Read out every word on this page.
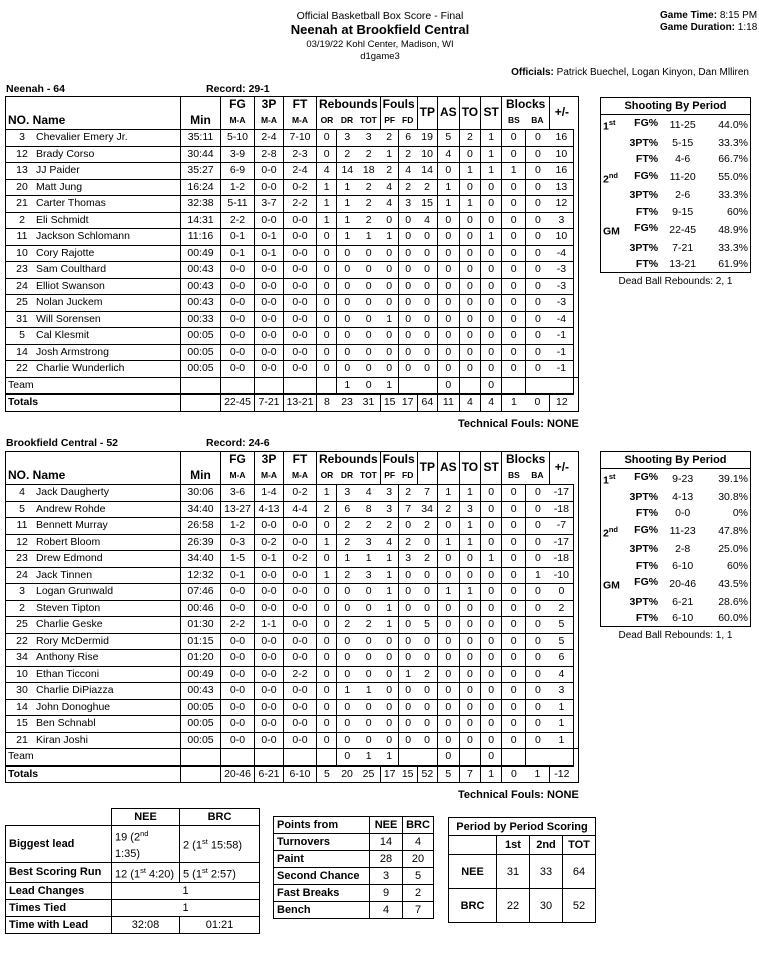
Official Basketball Box Score - Final
Neenah at Brookfield Central
03/19/22 Kohl Center, Madison, WI
d1game3
Game Time: 8:15 PM
Game Duration: 1:18
Officials: Patrick Buechel, Logan Kinyon, Dan Mlliren
Neenah - 64	Record: 29-1
		FG	3P	FT	Rebounds			Fouls		TP	AS	TO	ST	Blocks		+/-	
NO. Name	Min	M-A	M-A	M-A	OR	DR	TOT	PF	FD					BS	BA		
3 Chevalier Emery Jr.	35:11	5-10	2-4	7-10	0	3	3	2	6	19	5	2	1	0	0	16	
12 Brady Corso	30:44	3-9	2-8	2-3	0	2	2	1	2	10	4	0	1	0	0	10	
13 JJ Paider	35:27	6-9	0-0	2-4	4	14	18	2	4	14	0	1	1	1	0	16	
20 Matt Jung	16:24	1-2	0-0	0-2	1	1	2	4	2	2	1	0	0	0	0	13	
21 Carter Thomas	32:38	5-11	3-7	2-2	1	1	2	4	3	15	1	1	0	0	0	12	
2 Eli Schmidt	14:31	2-2	0-0	0-0	1	1	2	0	0	4	0	0	0	0	0	3	
11 Jackson Schlomann	11:16	0-1	0-1	0-0	0	1	1	1	0	0	0	0	1	0	0	10	
10 Cory Rajotte	00:49	0-1	0-1	0-0	0	0	0	0	0	0	0	0	0	0	0	-4	
23 Sam Coulthard	00:43	0-0	0-0	0-0	0	0	0	0	0	0	0	0	0	0	0	-3	
24 Elliot Swanson	00:43	0-0	0-0	0-0	0	0	0	0	0	0	0	0	0	0	0	-3	
25 Nolan Juckem	00:43	0-0	0-0	0-0	0	0	0	0	0	0	0	0	0	0	0	-3	
31 Will Sorensen	00:33	0-0	0-0	0-0	0	0	0	1	0	0	0	0	0	0	0	-4	
5 Cal Klesmit	00:05	0-0	0-0	0-0	0	0	0	0	0	0	0	0	0	0	0	-1	
14 Josh Armstrong	00:05	0-0	0-0	0-0	0	0	0	0	0	0	0	0	0	0	0	-1	
22 Charlie Wunderlich	00:05	0-0	0-0	0-0	0	0	0	0	0	0	0	0	0	0	0	-1	
Team						1	0	1			0		0				
Totals		22-45	7-21	13-21	8	23	31	15	17	64	11	4	4	1	0	12	
Technical Fouls: NONE
Shooting By Period		

1st FG%	11-25	44.0%

3PT%	5-15	33.3%

FT%	4-6	66.7%

2nd FG%	11-20	55.0%

3PT%	2-6	33.3%

FT%	9-15	60%

GM FG%	22-45	48.9%

3PT%	7-21	33.3%

FT%	13-21	61.9%
Dead Ball Rebounds: 2, 1
Brookfield Central - 52	Record: 24-6
		FG	3P	FT	Rebounds			Fouls		TP	AS	TO	ST	Blocks		+/-	
NO. Name	Min	M-A	M-A	M-A	OR	DR	TOT	PF	FD					BS	BA		
4 Jack Daugherty	30:06	3-6	1-4	0-2	1	3	4	3	2	7	1	1	0	0	0	-17	
5 Andrew Rohde	34:40	13-27	4-13	4-4	2	6	8	3	7	34	2	3	0	0	0	-18	
11 Bennett Murray	26:58	1-2	0-0	0-0	0	2	2	2	0	2	0	1	0	0	0	-7	
12 Robert Bloom	26:39	0-3	0-2	0-0	1	2	3	4	2	0	1	1	0	0	0	-17	
23 Drew Edmond	34:40	1-5	0-1	0-2	0	1	1	1	3	2	0	0	1	0	0	-18	
24 Jack Tinnen	12:32	0-1	0-0	0-0	1	2	3	1	0	0	0	0	0	0	1	-10	
3 Logan Grunwald	07:46	0-0	0-0	0-0	0	0	0	1	0	0	1	1	0	0	0	0	
2 Steven Tipton	00:46	0-0	0-0	0-0	0	0	0	1	0	0	0	0	0	0	0	2	
25 Charlie Geske	01:30	2-2	1-1	0-0	0	2	2	1	0	5	0	0	0	0	0	5	
22 Rory McDermid	01:15	0-0	0-0	0-0	0	0	0	0	0	0	0	0	0	0	0	5	
34 Anthony Rise	01:20	0-0	0-0	0-0	0	0	0	0	0	0	0	0	0	0	0	6	
10 Ethan Ticconi	00:49	0-0	0-0	2-2	0	0	0	0	1	2	0	0	0	0	0	4	
30 Charlie DiPiazza	00:43	0-0	0-0	0-0	0	1	1	0	0	0	0	0	0	0	0	3	
14 John Donoghue	00:05	0-0	0-0	0-0	0	0	0	0	0	0	0	0	0	0	0	1	
15 Ben Schnabl	00:05	0-0	0-0	0-0	0	0	0	0	0	0	0	0	0	0	0	1	
21 Kiran Joshi	00:05	0-0	0-0	0-0	0	0	0	0	0	0	0	0	0	0	0	1	
Team						0	1	1			0		0				
Totals		20-46	6-21	6-10	5	20	25	17	15	52	5	7	1	0	1	-12	
Technical Fouls: NONE
Shooting By Period		

1st FG%	9-23	39.1%

3PT%	4-13	30.8%

FT%	0-0	0%

2nd FG%	11-23	47.8%

3PT%	2-8	25.0%

FT%	6-10	60%

GM FG%	20-46	43.5%

3PT%	6-21	28.6%

FT%	6-10	60.0%
Dead Ball Rebounds: 1, 1
	NEE	BRC
Biggest lead	19 (2nd 1:35)	2 (1st 15:58)
Best Scoring Run	12 (1st 4:20)	5 (1st 2:57)
Lead Changes	1	
Times Tied	1	
Time with Lead	32:08	01:21
Points from	NEE	BRC
Turnovers	14	4
Paint	28	20
Second Chance	3	5
Fast Breaks	9	2
Bench	4	7
Period by Period Scoring			
	1st	2nd	TOT
NEE	31	33	64
BRC	22	30	52
